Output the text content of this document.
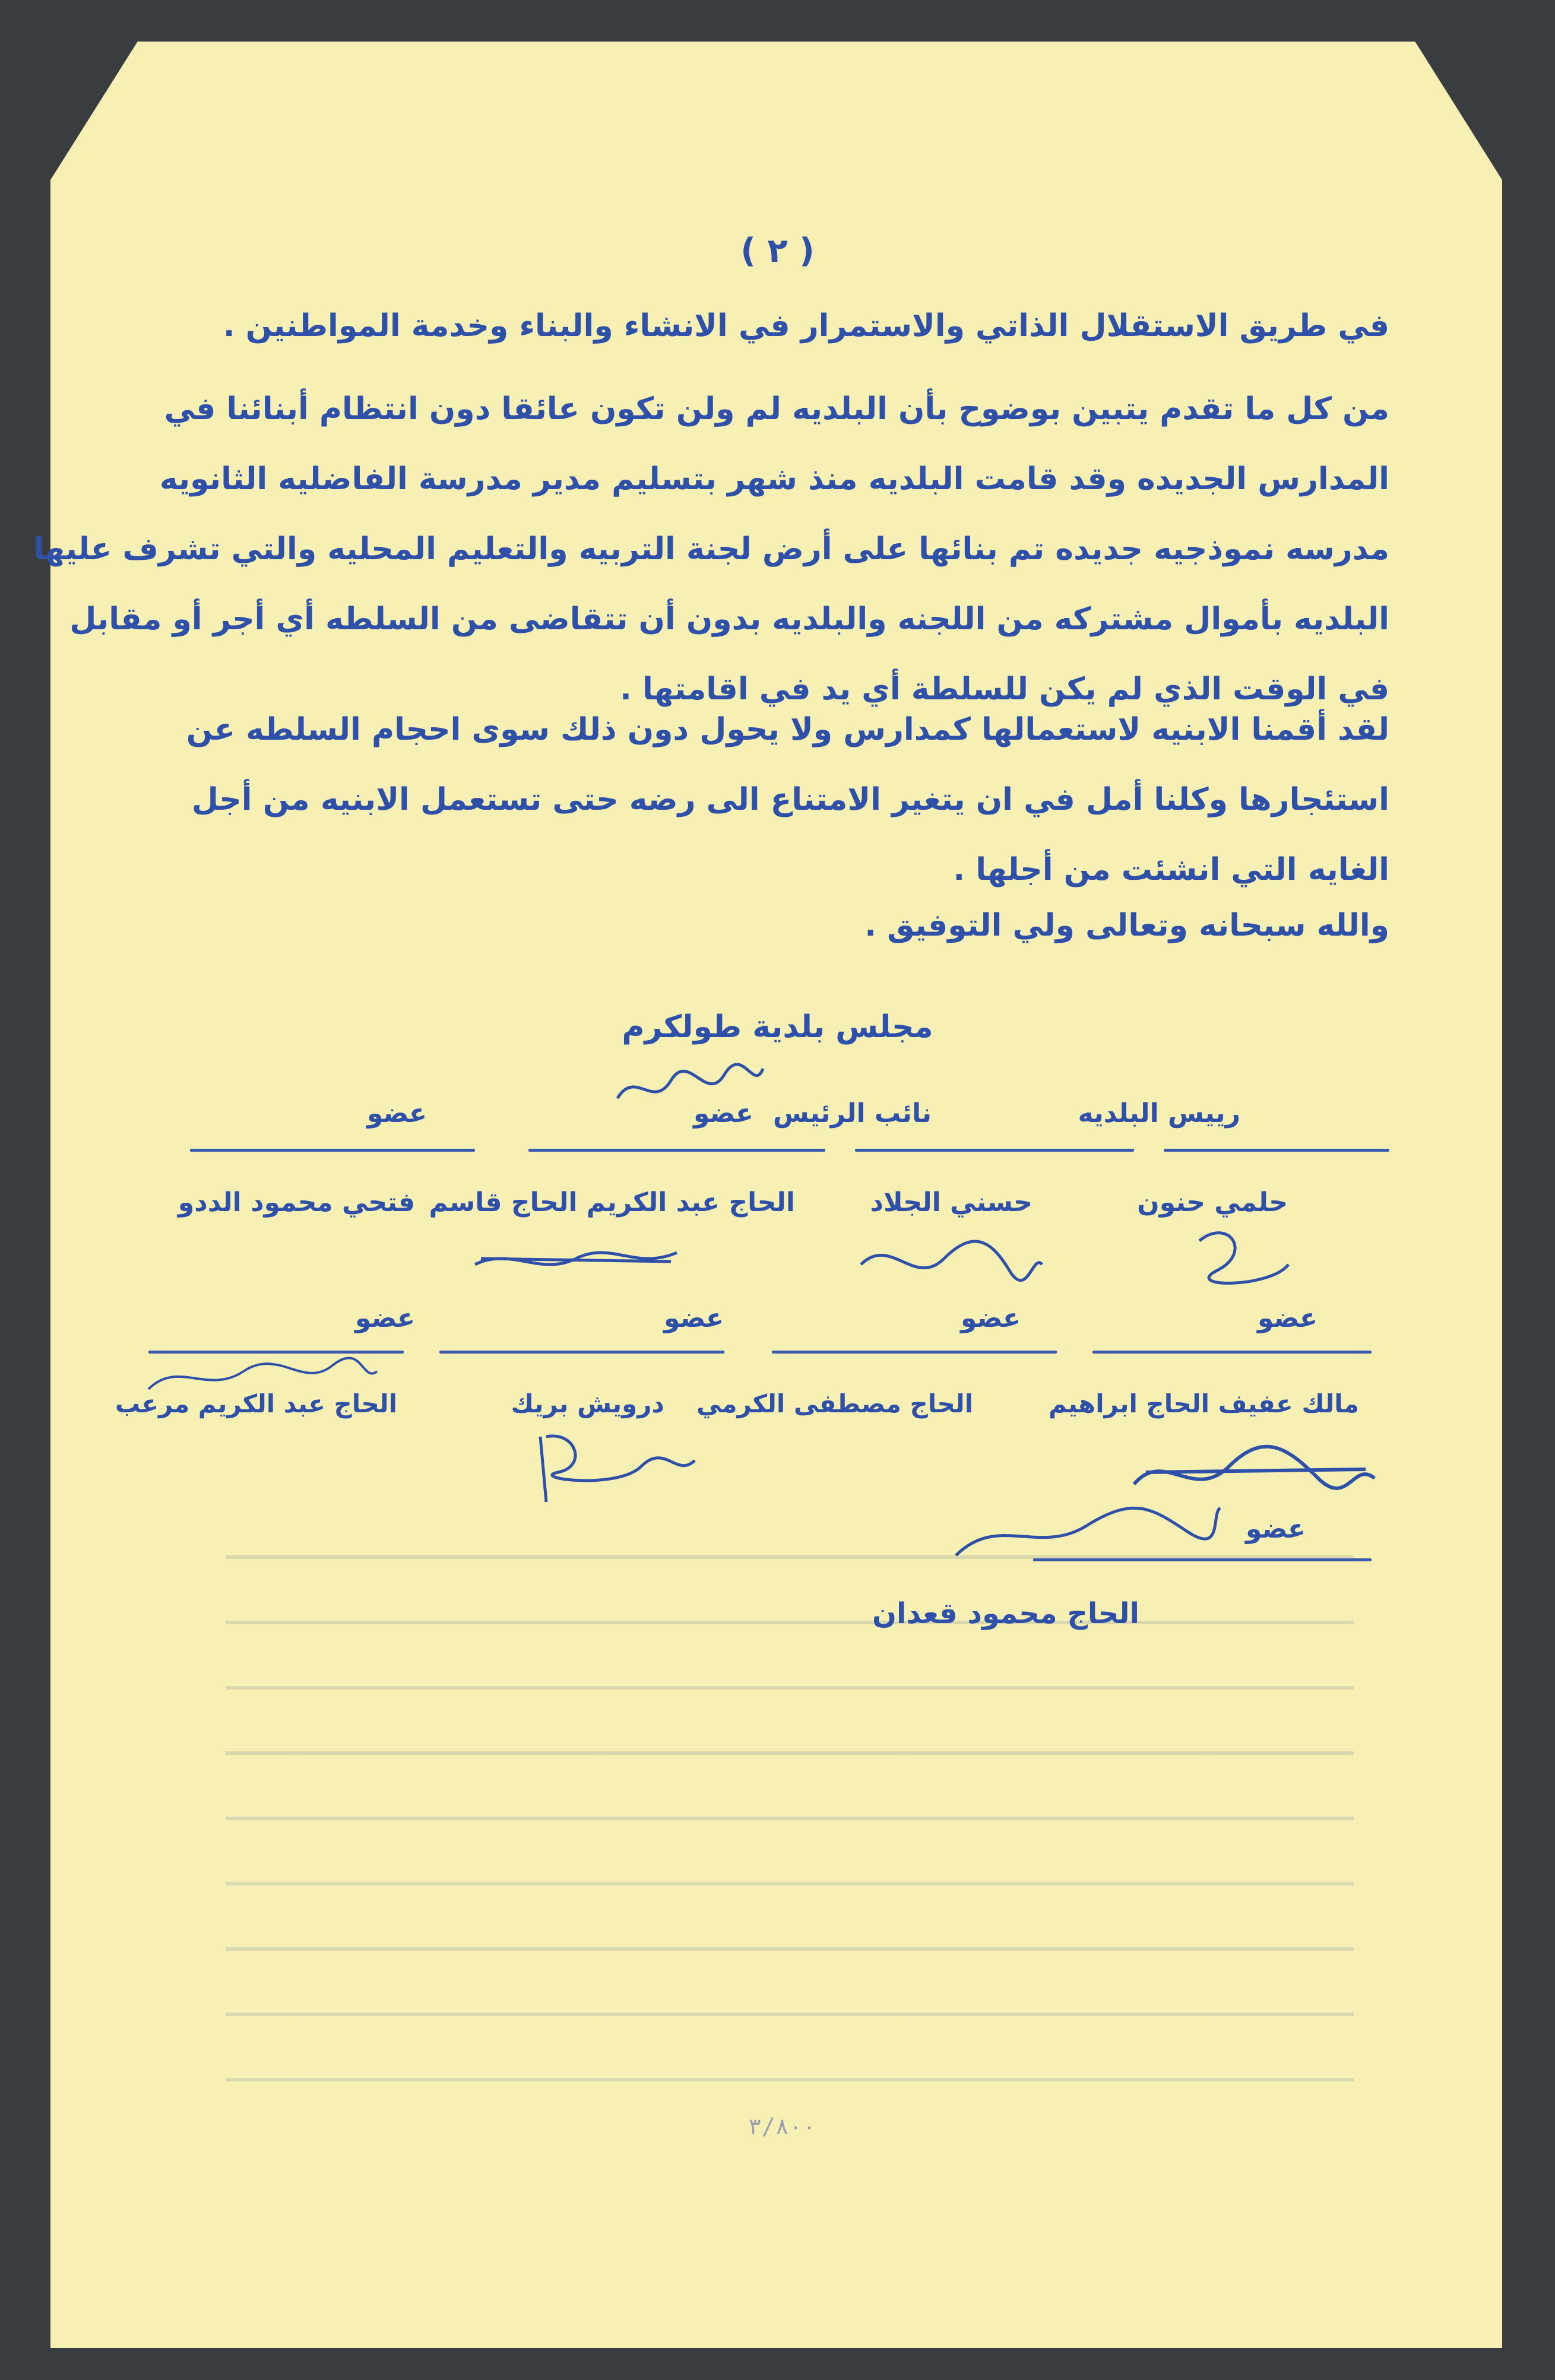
( ٢ )
في طريق الاستقلال الذاتي والاستمرار في الانشاء والبناء وخدمة المواطنين .
من كل ما تقدم يتبين بوضوح بأن البلديه لم ولن تكون عائقا دون انتظام أبنائنا في
المدارس الجديده وقد قامت البلديه منذ شهر بتسليم مدير مدرسة الفاضليه الثانويه
مدرسه نموذجيه جديده تم بنائها على أرض لجنة التربيه والتعليم المحليه والتي تشرف عليها
البلديه بأموال مشتركه من اللجنه والبلديه بدون أن تتقاضى من السلطه أي أجر أو مقابل
في الوقت الذي لم يكن للسلطة أي يد في اقامتها .
لقد أقمنا الابنيه لاستعمالها كمدارس ولا يحول دون ذلك سوى احجام السلطه عن
استئجارها وكلنا أمل في ان يتغير الامتناع الى رضه حتى تستعمل الابنيه من أجل
الغايه التي انشئت من أجلها .
والله سبحانه وتعالى ولي التوفيق .
مجلس بلدية طولكرم
رييس البلديه
نائب الرئيس
عضو
عضو
حلمي حنون
حسني الجلاد
الحاج عبد الكريم الحاج قاسم
فتحي محمود الددو
عضو
عضو
عضو
عضو
مالك عفيف الحاج ابراهيم
الحاج مصطفى الكرمي
درويش بريك
الحاج عبد الكريم مرعب
عضو
الحاج محمود قعدان
٣/٨٠٠
